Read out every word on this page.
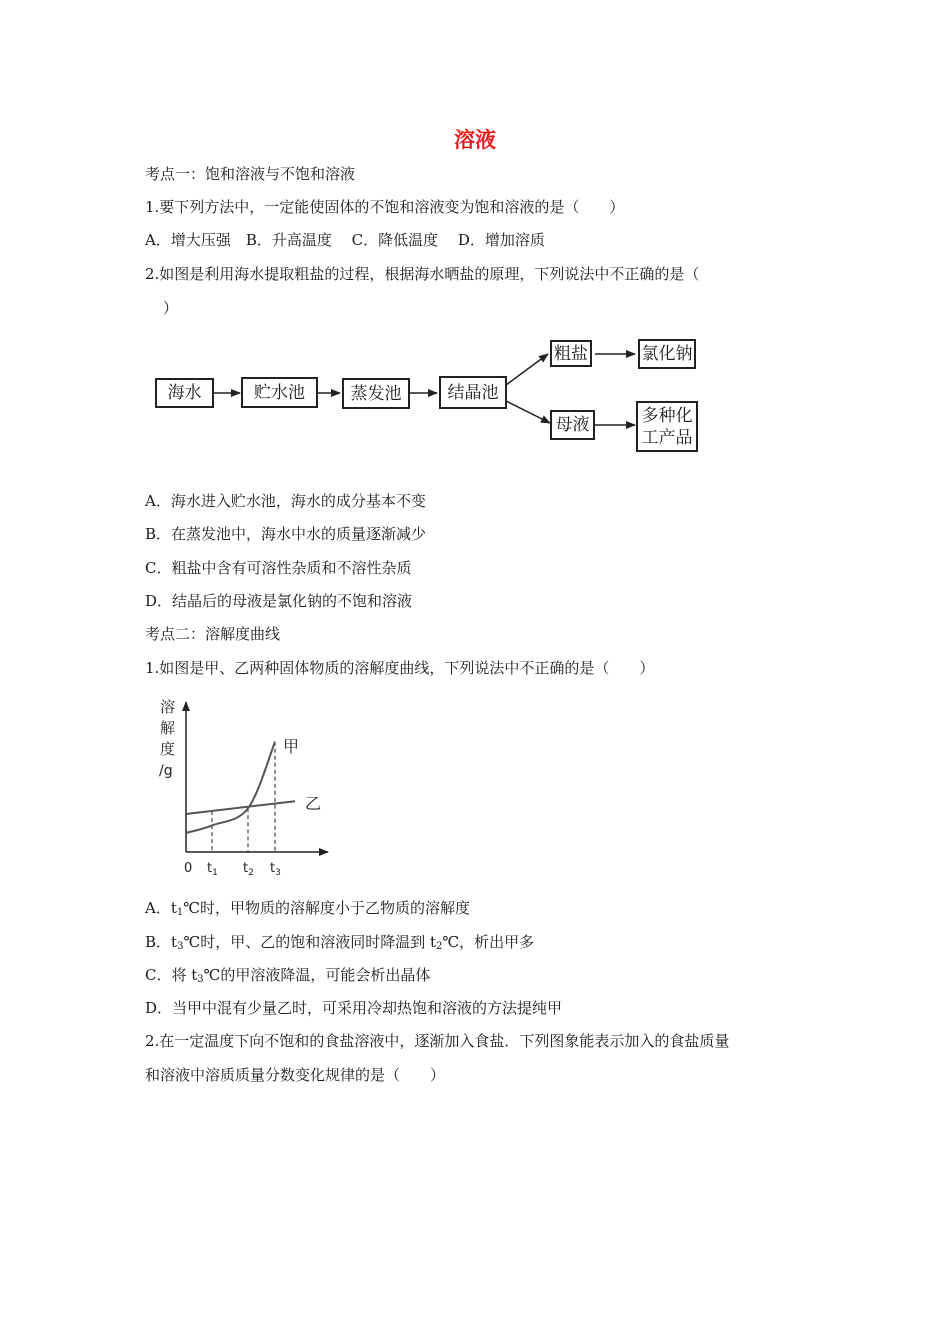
溶液
考点一：饱和溶液与不饱和溶液
1.要下列方法中，一定能使固体的不饱和溶液变为饱和溶液的是（　　）
A．增大压强　B．升高温度　 C．降低温度　 D．增加溶质
2.如图是利用海水提取粗盐的过程，根据海水晒盐的原理，下列说法中不正确的是（
）
海水	贮水池	蒸发池	结晶池
粗盐	氯化钠
母液	多种化
工产品
A．海水进入贮水池，海水的成分基本不变
B．在蒸发池中，海水中水的质量逐渐减少
C．粗盐中含有可溶性杂质和不溶性杂质
D．结晶后的母液是氯化钠的不饱和溶液
考点二：溶解度曲线
1.如图是甲、乙两种固体物质的溶解度曲线，下列说法中不正确的是（　　）
溶
解
度
/g
0 $t_1$ $t_2$ $t_3$
甲
乙
A．$t_1℃$时，甲物质的溶解度小于乙物质的溶解度
B．$t_3℃$时，甲、乙的饱和溶液同时降温到 $t_2℃$，析出甲多
C．将 $t_3℃$的甲溶液降温，可能会析出晶体
D．当甲中混有少量乙时，可采用冷却热饱和溶液的方法提纯甲
2.在一定温度下向不饱和的食盐溶液中，逐渐加入食盐．下列图象能表示加入的食盐质量
和溶液中溶质质量分数变化规律的是（　　）
